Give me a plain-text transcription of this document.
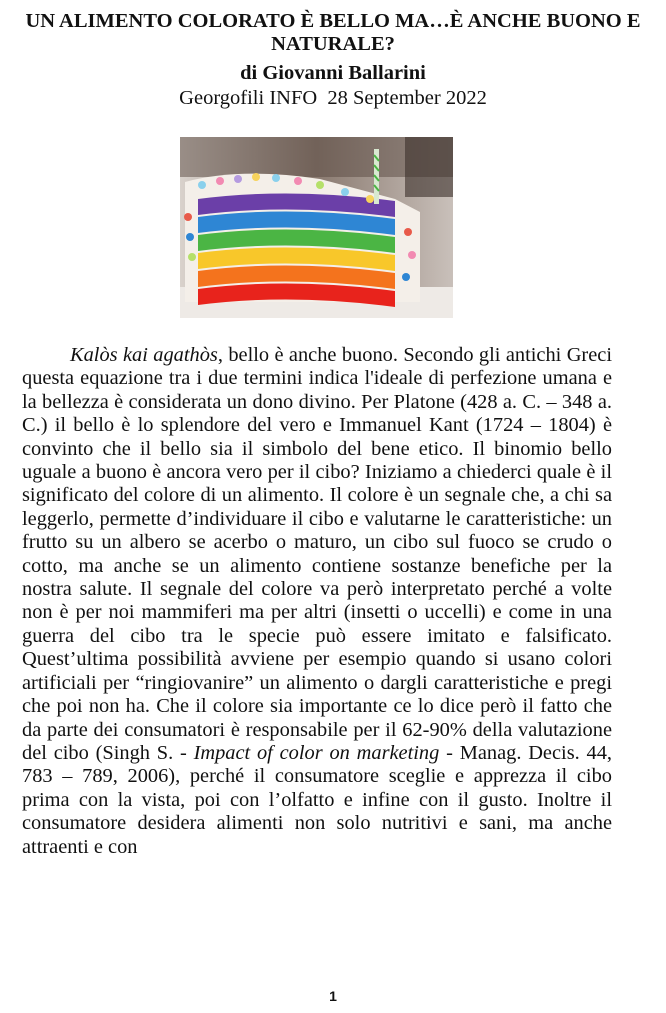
UN ALIMENTO COLORATO È BELLO MA…È ANCHE BUONO E NATURALE?
di Giovanni Ballarini
Georgofili INFO  28 September 2022

Kalòs kai agathòs, bello è anche buono. Secondo gli antichi Greci questa equazione tra i due termini indica l'ideale di perfezione umana e la bellezza è considerata un dono divino. Per Platone (428 a. C. – 348 a. C.) il bello è lo splendore del vero e Immanuel Kant (1724 – 1804) è convinto che il bello sia il simbolo del bene etico. Il binomio bello uguale a buono è ancora vero per il cibo? Iniziamo a chiederci quale è il significato del colore di un alimento. Il colore è un segnale che, a chi sa leggerlo, permette d’individuare il cibo e valutarne le caratteristiche: un frutto su un albero se acerbo o maturo, un cibo sul fuoco se crudo o cotto, ma anche se un alimento contiene sostanze benefiche per la nostra salute. Il segnale del colore va però interpretato perché a volte non è per noi mammiferi ma per altri (insetti o uccelli) e come in una guerra del cibo tra le specie può essere imitato e falsificato. Quest’ultima possibilità avviene per esempio quando si usano colori artificiali per “ringiovanire” un alimento o dargli caratteristiche e pregi che poi non ha. Che il colore sia importante ce lo dice però il fatto che da parte dei consumatori è responsabile per il 62-90% della valutazione del cibo (Singh S. - Impact of color on marketing - Manag. Decis. 44, 783 – 789, 2006), perché il consumatore sceglie e apprezza il cibo prima con la vista, poi con l’olfatto e infine con il gusto. Inoltre il consumatore desidera alimenti non solo nutritivi e sani, ma anche attraenti e con

1
